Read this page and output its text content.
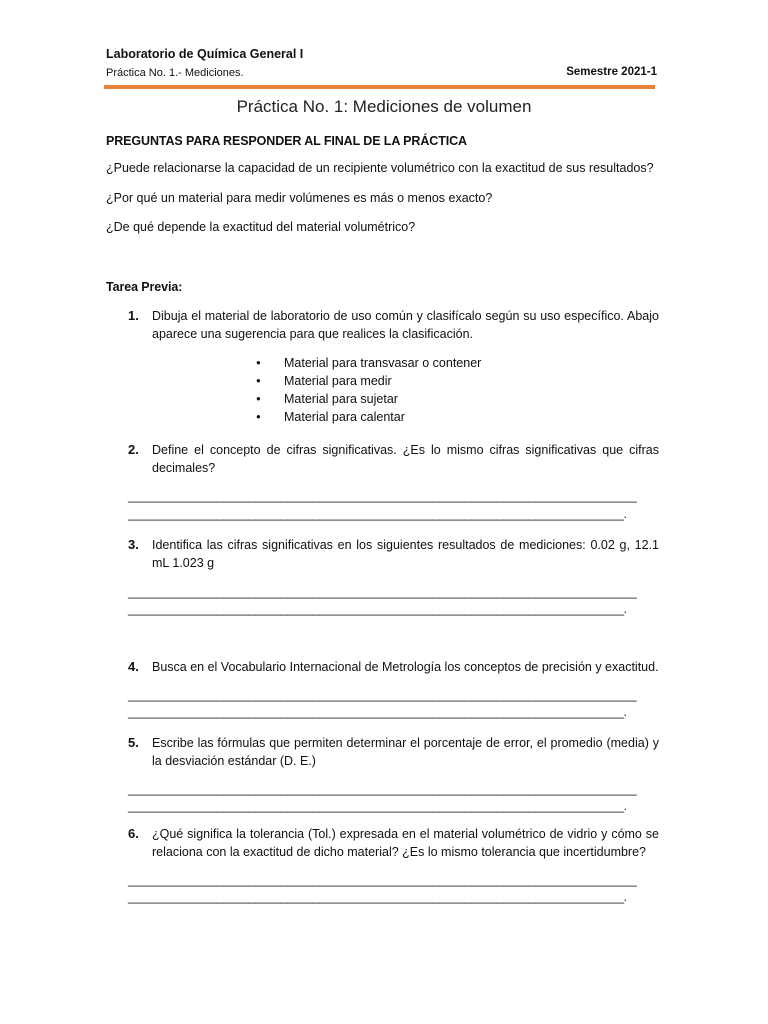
Laboratorio de Química General I
Práctica No. 1.- Mediciones.	Semestre 2021-1
Práctica No. 1: Mediciones de volumen
PREGUNTAS PARA RESPONDER AL FINAL DE LA PRÁCTICA
¿Puede relacionarse la capacidad de un recipiente volumétrico con la exactitud de sus resultados?
¿Por qué un material para medir volúmenes es más o menos exacto?
¿De qué depende la exactitud del material volumétrico?
Tarea Previa:
1. Dibuja el material de laboratorio de uso común y clasifícalo según su uso específico. Abajo aparece una sugerencia para que realices la clasificación.
● Material para transvasar o contener
● Material para medir
● Material para sujetar
● Material para calentar
2. Define el concepto de cifras significativas. ¿Es lo mismo cifras significativas que cifras decimales?
________________________________________________________________________________
______________________________________________________________________________.
3. Identifica las cifras significativas en los siguientes resultados de mediciones: 0.02 g, 12.1 mL 1.023 g
________________________________________________________________________________
______________________________________________________________________________.
4. Busca en el Vocabulario Internacional de Metrología los conceptos de precisión y exactitud.
________________________________________________________________________________
______________________________________________________________________________.
5. Escribe las fórmulas que permiten determinar el porcentaje de error, el promedio (media) y la desviación estándar (D. E.)
________________________________________________________________________________
______________________________________________________________________________.
6. ¿Qué significa la tolerancia (Tol.) expresada en el material volumétrico de vidrio y cómo se relaciona con la exactitud de dicho material? ¿Es lo mismo tolerancia que incertidumbre?
________________________________________________________________________________
______________________________________________________________________________.
